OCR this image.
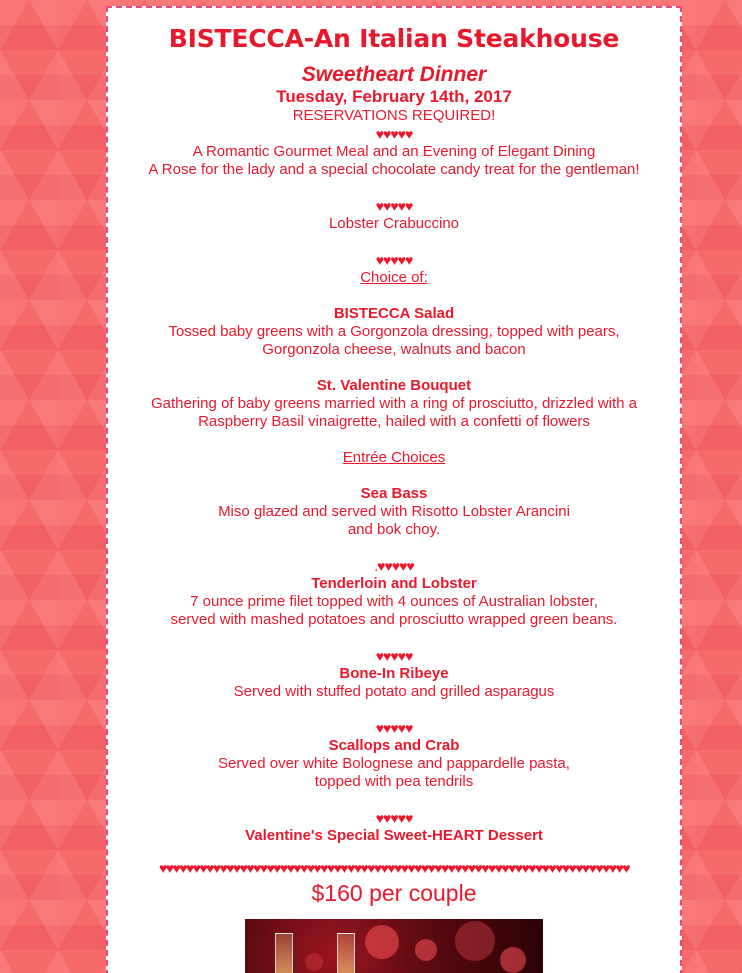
BISTECCA-An Italian Steakhouse
Sweetheart Dinner
Tuesday, February 14th, 2017
RESERVATIONS REQUIRED!
♥♥♥♥♥
A Romantic Gourmet Meal and an Evening of Elegant Dining
A Rose for the lady and a special chocolate candy treat for the gentleman!
♥♥♥♥♥
Lobster Crabuccino
♥♥♥♥♥
Choice of:
BISTECCA Salad
Tossed baby greens with a Gorgonzola dressing, topped with pears,
Gorgonzola cheese, walnuts and bacon
St. Valentine Bouquet
Gathering of baby greens married with a ring of prosciutto, drizzled with a
Raspberry Basil vinaigrette, hailed with a confetti of flowers
Entrée Choices
Sea Bass
Miso glazed and served with Risotto Lobster Arancini
and bok choy.
.♥♥♥♥♥
Tenderloin and Lobster
7 ounce prime filet topped with 4 ounces of Australian lobster,
served with mashed potatoes and prosciutto wrapped green beans.
♥♥♥♥♥
Bone-In Ribeye
Served with stuffed potato and grilled asparagus
♥♥♥♥♥
Scallops and Crab
Served over white Bolognese and pappardelle pasta,
topped with pea tendrils
♥♥♥♥♥
Valentine's Special Sweet-HEART Dessert
♥♥♥♥♥♥♥♥♥♥♥♥♥♥♥♥♥♥♥♥♥♥♥♥♥♥♥♥♥♥♥♥♥♥♥♥♥♥♥♥♥♥♥♥♥♥♥♥♥♥♥♥♥♥♥♥♥♥♥♥♥♥♥♥♥♥♥♥♥♥
$160 per couple
